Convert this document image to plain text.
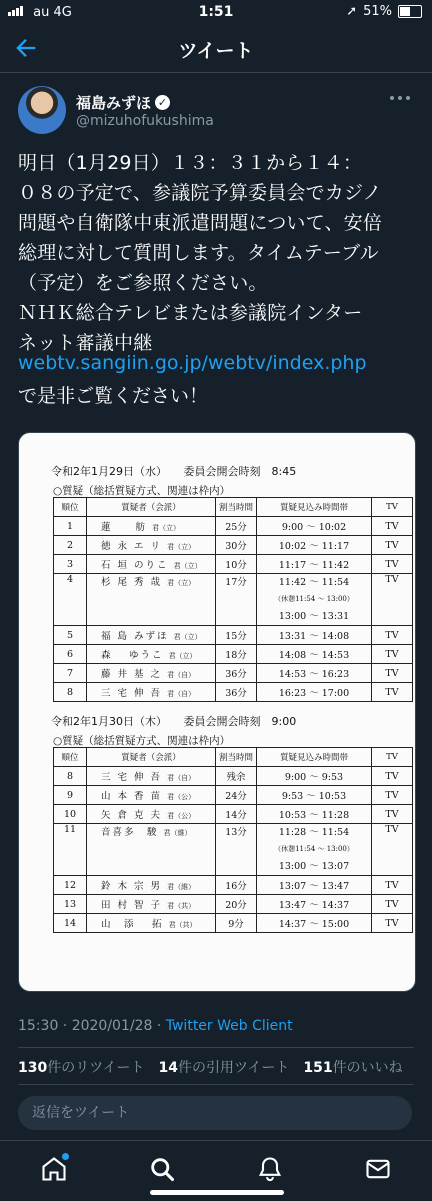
au 4G	1:51	➚ 51%
ツイート
福島みずほ ✓
@mizuhofukushima
明日（1月29日）１３：３１から１４：
０８の予定で、参議院予算委員会でカジノ
問題や自衛隊中東派遣問題について、安倍
総理に対して質問します。タイムテーブル
（予定）をご参照ください。
ＮＨＫ総合テレビまたは参議院インター
ネット審議中継
webtv.sangiin.go.jp/webtv/index.php
で是非ご覧ください！
令和2年1月29日（水）　　委員会開会時刻　8:45
○質疑（総括質疑方式、関連は枠内）
順位	質疑者（会派）	割当時間	質疑見込み時間帯	TV
1	蓮　　舫 君（立）	25分	9:00 ～ 10:02	TV
2	徳 永 エ リ 君（立）	30分	10:02 ～ 11:17	TV
3	石 垣 のりこ 君（立）	10分	11:17 ～ 11:42	TV
4	杉 尾 秀 哉 君（立）	17分	11:42 ～ 11:54
（休憩11:54 ～ 13:00）
13:00 ～ 13:31	TV
5	福 島 みずほ 君（立）	15分	13:31 ～ 14:08	TV
6	森　 ゆうこ 君（立）	18分	14:08 ～ 14:53	TV
7	藤 井 基 之 君（自）	36分	14:53 ～ 16:23	TV
8	三 宅 伸 吾 君（自）	36分	16:23 ～ 17:00	TV
令和2年1月30日（木）　　委員会開会時刻　9:00
○質疑（総括質疑方式、関連は枠内）
順位	質疑者（会派）	割当時間	質疑見込み時間帯	TV
8	三 宅 伸 吾 君（自）	残余	9:00 ～ 9:53	TV
9	山 本 香 苗 君（公）	24分	9:53 ～ 10:53	TV
10	矢 倉 克 夫 君（公）	14分	10:53 ～ 11:28	TV
11	音喜多　駿 君（維）	13分	11:28 ～ 11:54
（休憩11:54 ～ 13:00）
13:00 ～ 13:07	TV
12	鈴 木 宗 男 君（維）	16分	13:07 ～ 13:47	TV
13	田 村 智 子 君（共）	20分	13:47 ～ 14:37	TV
14	山　添　 拓 君（共）	9分	14:37 ～ 15:00	TV
15:30 · 2020/01/28 · Twitter Web Client
130件のリツイート 14件の引用ツイート 151件のいいね
返信をツイート
